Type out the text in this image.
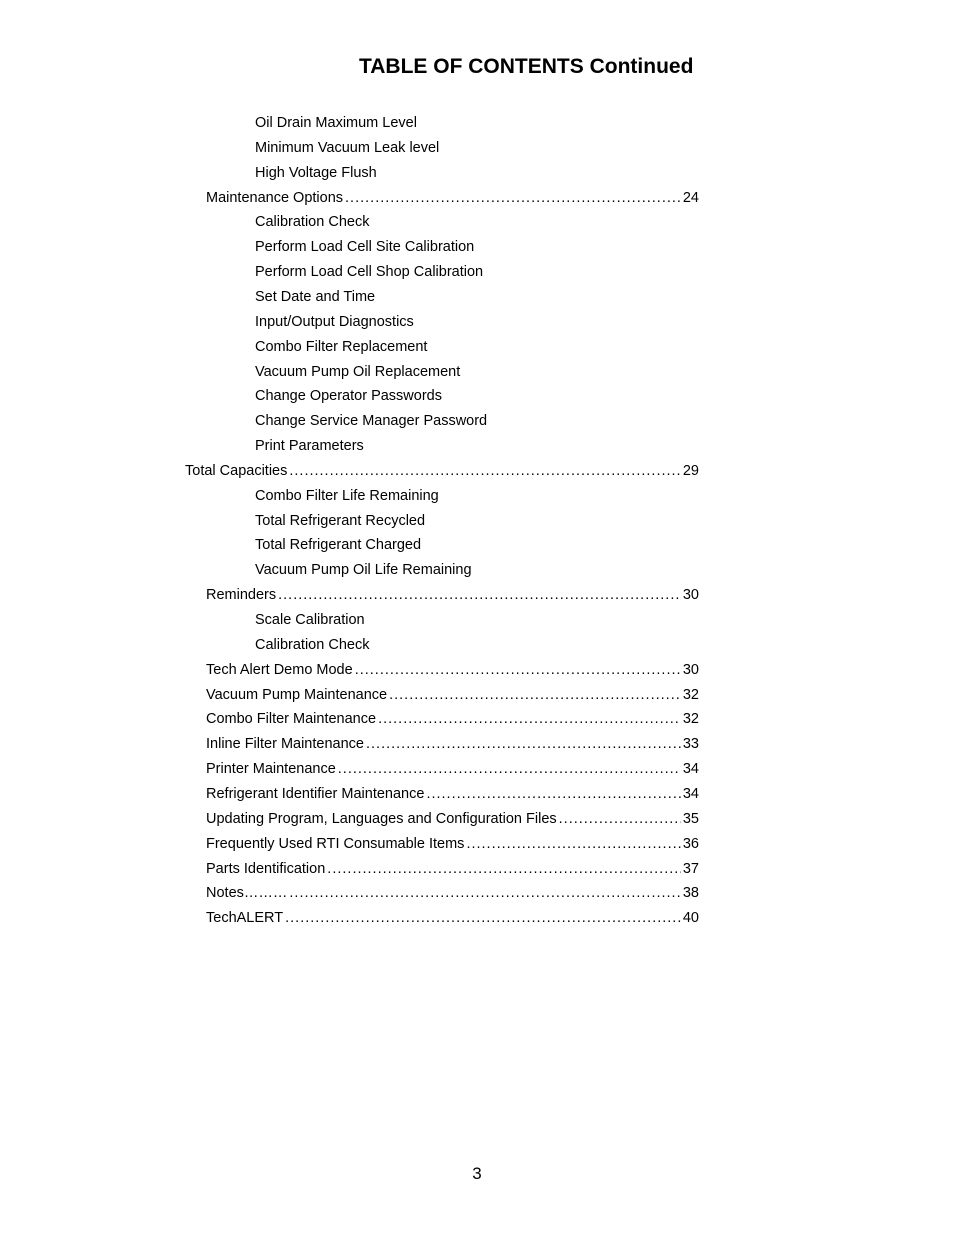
TABLE OF CONTENTS Continued
Oil Drain Maximum Level
Minimum Vacuum Leak level
High Voltage Flush
Maintenance Options .....	24
Calibration Check
Perform Load Cell Site Calibration
Perform Load Cell Shop Calibration
Set Date and Time
Input/Output Diagnostics
Combo Filter Replacement
Vacuum Pump Oil Replacement
Change Operator Passwords
Change Service Manager Password
Print Parameters
Total Capacities .....	29
Combo Filter Life Remaining
Total Refrigerant Recycled
Total Refrigerant Charged
Vacuum Pump Oil Life Remaining
Reminders .....	30
Scale Calibration
Calibration Check
Tech Alert Demo Mode .....	30
Vacuum Pump Maintenance .....	32
Combo Filter Maintenance .....	32
Inline Filter Maintenance .....	33
Printer Maintenance .....	34
Refrigerant Identifier Maintenance .....	34
Updating Program, Languages and Configuration Files .....	35
Frequently Used RTI Consumable Items .....	36
Parts Identification .....	37
Notes……… .....	38
TechALERT .....	40
3
